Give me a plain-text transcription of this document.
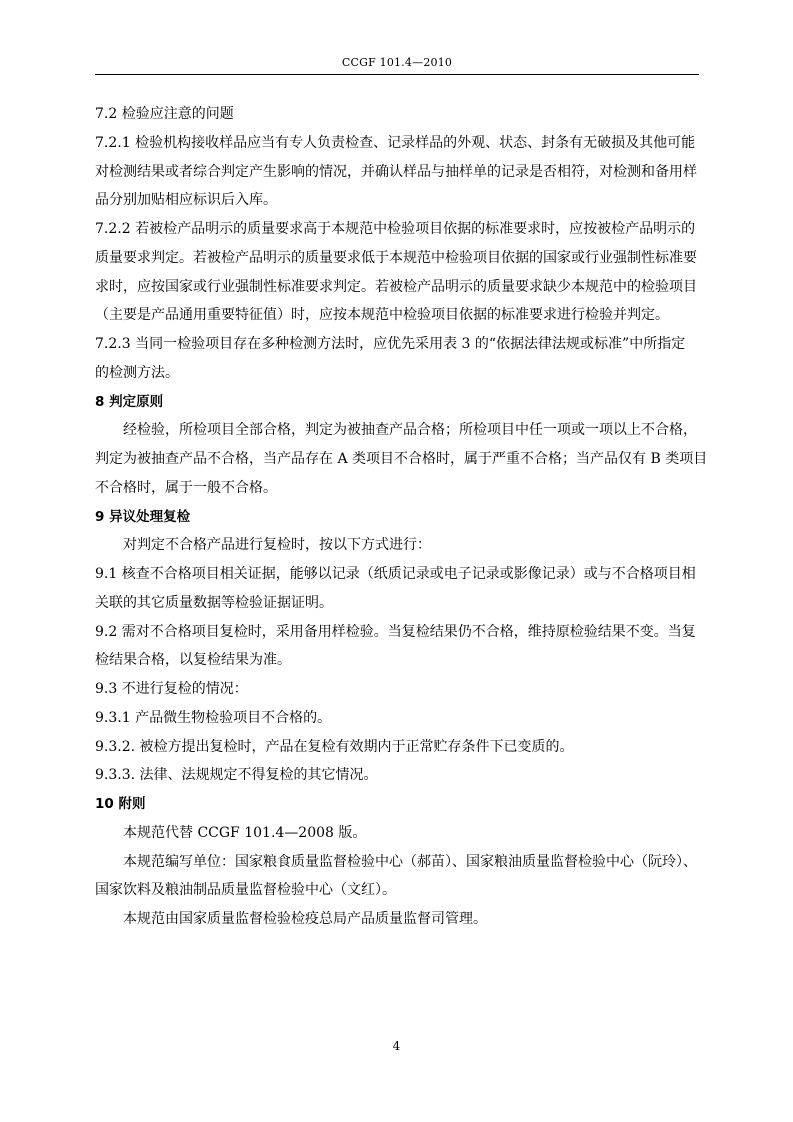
CCGF 101.4—2010

7.2 检验应注意的问题

7.2.1 检验机构接收样品应当有专人负责检查、记录样品的外观、状态、封条有无破损及其他可能

对检测结果或者综合判定产生影响的情况，并确认样品与抽样单的记录是否相符，对检测和备用样

品分别加贴相应标识后入库。

7.2.2 若被检产品明示的质量要求高于本规范中检验项目依据的标准要求时，应按被检产品明示的

质量要求判定。若被检产品明示的质量要求低于本规范中检验项目依据的国家或行业强制性标准要

求时，应按国家或行业强制性标准要求判定。若被检产品明示的质量要求缺少本规范中的检验项目

（主要是产品通用重要特征值）时，应按本规范中检验项目依据的标准要求进行检验并判定。

7.2.3 当同一检验项目存在多种检测方法时，应优先采用表 3 的“依据法律法规或标准”中所指定

的检测方法。

8 判定原则

经检验，所检项目全部合格，判定为被抽查产品合格；所检项目中任一项或一项以上不合格，

判定为被抽查产品不合格，当产品存在 A 类项目不合格时，属于严重不合格；当产品仅有 B 类项目

不合格时，属于一般不合格。

9 异议处理复检

对判定不合格产品进行复检时，按以下方式进行：

9.1 核查不合格项目相关证据，能够以记录（纸质记录或电子记录或影像记录）或与不合格项目相

关联的其它质量数据等检验证据证明。

9.2 需对不合格项目复检时，采用备用样检验。当复检结果仍不合格，维持原检验结果不变。当复

检结果合格，以复检结果为准。

9.3 不进行复检的情况：

9.3.1 产品微生物检验项目不合格的。

9.3.2. 被检方提出复检时，产品在复检有效期内于正常贮存条件下已变质的。

9.3.3. 法律、法规规定不得复检的其它情况。

10 附则

本规范代替 CCGF 101.4—2008 版。

本规范编写单位：国家粮食质量监督检验中心（郝苗）、国家粮油质量监督检验中心（阮玲）、

国家饮料及粮油制品质量监督检验中心（文红）。

本规范由国家质量监督检验检疫总局产品质量监督司管理。

4
